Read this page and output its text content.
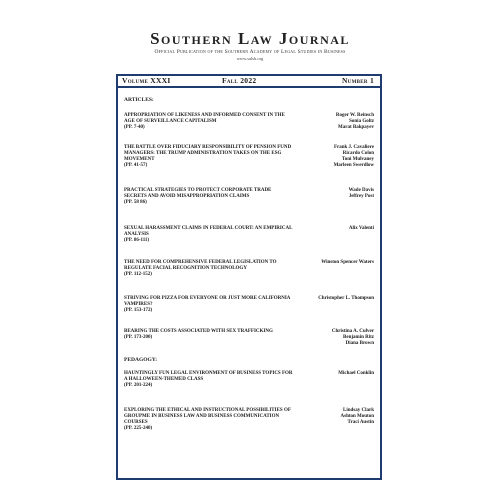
Southern Law Journal
Official Publication of the Southern Academy of Legal Studies in Business
www.salsb.org
Volume XXXI	Fall 2022	Number 1
ARTICLES:
APPROPRIATION OF LIKENESS AND INFORMED CONSENT IN THE AGE OF SURVEILLANCE CAPITALISM
(PP. 7-40)
Roger W. Reinsch
Sonia Goltz
Marat Bakpayev
THE BATTLE OVER FIDUCIARY RESPONSIBILITY OF PENSION FUND MANAGERS: THE TRUMP ADMINISTRATION TAKES ON THE ESG MOVEMENT
(PP. 41-57)
Frank J. Cavaliere
Ricardo Colon
Toni Mulvaney
Marleen Swerdlow
PRACTICAL STRATEGIES TO PROTECT CORPORATE TRADE SECRETS AND AVOID MISAPPROPRIATION CLAIMS
(PP. 58 86)
Wade Davis
Jeffrey Post
SEXUAL HARASSMENT CLAIMS IN FEDERAL COURT: AN EMPIRICAL ANALYSIS
(PP. 86-111)
Alix Valenti
THE NEED FOR COMPREHENSIVE FEDERAL LEGISLATION TO REGULATE FACIAL RECOGNITION TECHNOLOGY
(PP. 112-152)
Winston Spencer Waters
STRIVING FOR PIZZA FOR EVERYONE OR JUST MORE CALIFORNIA VAMPIRES?
(PP. 153-172)
Christopher L. Thompson
BEARING THE COSTS ASSOCIATED WITH SEX TRAFFICKING
(PP. 173-200)
Christina A. Culver
Benjamin Ritz
Diana Brown
PEDAGOGY:
HAUNTINGLY FUN LEGAL ENVIRONMENT OF BUSINESS TOPICS FOR A HALLOWEEN-THEMED CLASS
(PP. 201-224)
Michael Conklin
EXPLORING THE ETHICAL AND INSTRUCTIONAL POSSIBILITIES OF GROUPME IN BUSINESS LAW AND BUSINESS COMMUNICATION COURSES
(PP. 225-240)
Lindsay Clark
Ashton Mouton
Traci Austin
